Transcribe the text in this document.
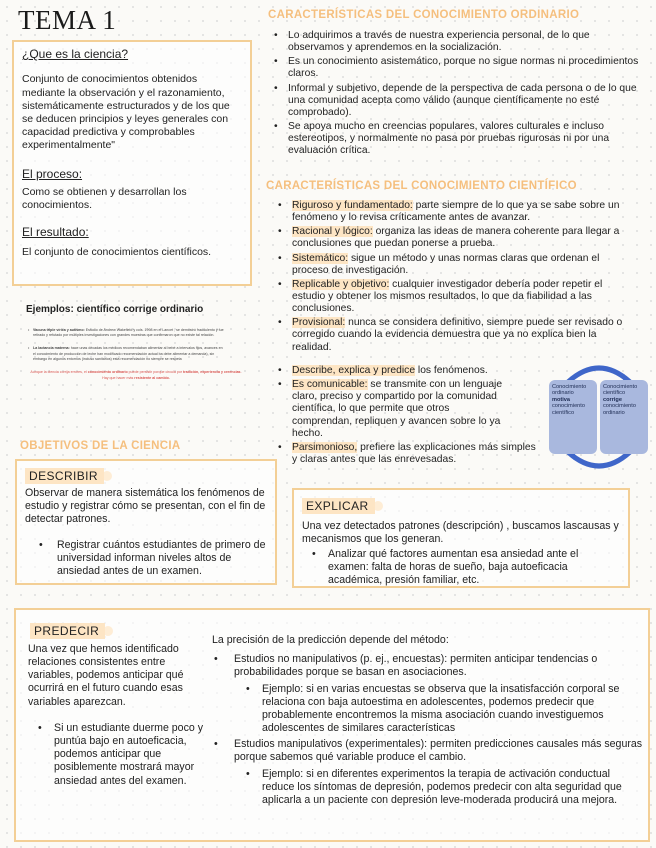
TEMA 1
¿Que es la ciencia?

Conjunto de conocimientos obtenidos mediante la observación y el razonamiento, sistemáticamente estructurados y de los que se deducen principios y leyes generales con capacidad predictiva y comprobables experimentalmente"

El proceso:

Como se obtienen y desarrollan los conocimientos.

El resultado:

El conjunto de conocimientos científicos.

CARACTERÍSTICAS DEL CONOCIMIENTO ORDINARIO
• Lo adquirimos a través de nuestra experiencia personal, de lo que observamos y aprendemos en la socialización.
• Es un conocimiento asistemático, porque no sigue normas ni procedimientos claros.
• Informal y subjetivo, depende de la perspectiva de cada persona o de lo que una comunidad acepta como válido (aunque científicamente no esté comprobado).
• Se apoya mucho en creencias populares, valores culturales e incluso estereotipos, y normalmente no pasa por pruebas rigurosas ni por una evaluación crítica.
CARACTERÍSTICAS DEL CONOCIMIENTO CIENTÍFICO
• Riguroso y fundamentado: parte siempre de lo que ya se sabe sobre un fenómeno y lo revisa críticamente antes de avanzar.
• Racional y lógico: organiza las ideas de manera coherente para llegar a conclusiones que puedan ponerse a prueba.
• Sistemático: sigue un método y unas normas claras que ordenan el proceso de investigación.
• Replicable y objetivo: cualquier investigador debería poder repetir el estudio y obtener los mismos resultados, lo que da fiabilidad a las conclusiones.
• Provisional: nunca se considera definitivo, siempre puede ser revisado o corregido cuando la evidencia demuestra que ya no explica bien la realidad.
• Describe, explica y predice los fenómenos.
• Es comunicable: se transmite con un lenguaje claro, preciso y compartido por la comunidad científica, lo que permite que otros comprendan, repliquen y avancen sobre lo ya hecho.
• Parsimonioso, prefiere las explicaciones más simples y claras antes que las enrevesadas.
Conocimiento
ordinario
motiva
conocimiento
científico
Conocimiento
científico
corrige
conocimiento
ordinario
Ejemplos: científico corrige ordinario
• Vacuna triple vírica y autismo: Estudio de Andrew Wakefield y cols. 1998 en el Lancet , se demostró fraudulento y fue retirado y refutado por múltiples investigaciones con grandes muestras que confirmaron que no existe tal relación.
• La lactancia materna: hace unas décadas los médicos recomendaban alimentar al bebé a intervalos fijos, avances en el conocimiento de producción de leche han modificado recomendación actual ba debe alimentar a demanda), sin embargo en algunos entornos (incluso sanitarios) esta recomendación no siempre se respeta

Aunque la ciencia corrija errores, el conocimiento ordinario puede persistir porque circula por tradición, experiencia y creencias. Hay que hacer más resistente al cambio.

OBJETIVOS DE LA CIENCIA
DESCRIBIR

Observar de manera sistemática los fenómenos de estudio y registrar cómo se presentan, con el fin de detectar patrones.

• Registrar cuántos estudiantes de primero de universidad informan niveles altos de ansiedad antes de un examen.
EXPLICAR

Una vez detectados patrones (descripción) , buscamos lascausas y mecanismos que los generan.

• Analizar qué factores aumentan esa ansiedad ante el examen: falta de horas de sueño, baja autoeficacia académica, presión familiar, etc.
PREDECIR

Una vez que hemos identificado relaciones consistentes entre variables, podemos anticipar qué ocurrirá en el futuro cuando esas variables aparezcan.

• Si un estudiante duerme poco y puntúa bajo en autoeficacia, podemos anticipar que posiblemente mostrará mayor ansiedad antes del examen.

La precisión de la predicción depende del método:

• Estudios no manipulativos (p. ej., encuestas): permiten anticipar tendencias o probabilidades porque se basan en asociaciones.
• Ejemplo: si en varias encuestas se observa que la insatisfacción corporal se relaciona con baja autoestima en adolescentes, podemos predecir que probablemente encontremos la misma asociación cuando investiguemos adolescentes de similares características
• Estudios manipulativos (experimentales): permiten predicciones causales más seguras porque sabemos qué variable produce el cambio.
• Ejemplo: si en diferentes experimentos la terapia de activación conductual reduce los síntomas de depresión, podemos predecir con alta seguridad que aplicarla a un paciente con depresión leve-moderada producirá una mejora.
